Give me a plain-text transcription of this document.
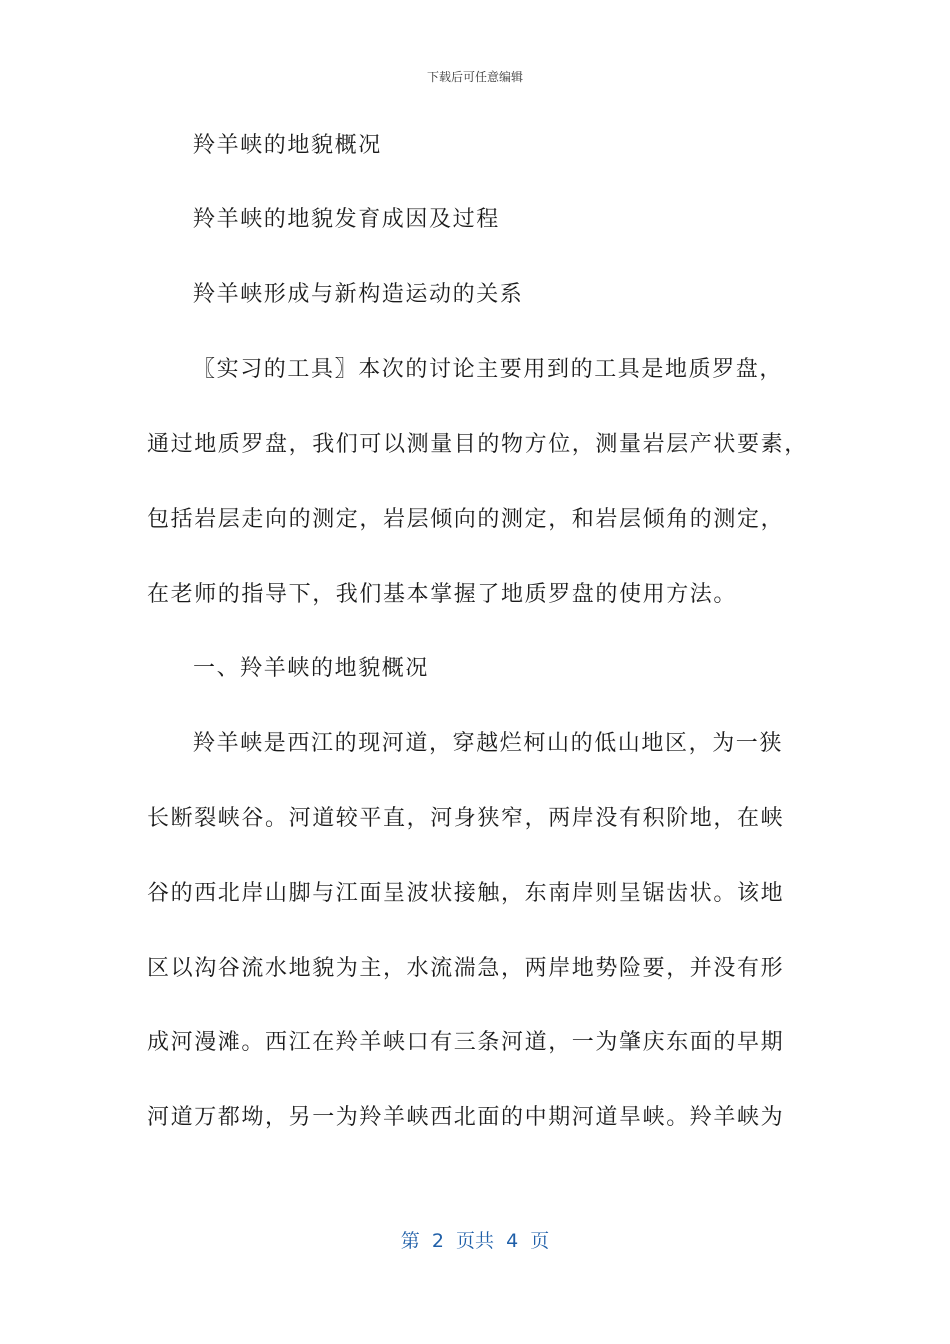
下载后可任意编辑
羚羊峡的地貌概况
羚羊峡的地貌发育成因及过程
羚羊峡形成与新构造运动的关系
〖实习的工具〗本次的讨论主要用到的工具是地质罗盘，
通过地质罗盘，我们可以测量目的物方位，测量岩层产状要素，
包括岩层走向的测定，岩层倾向的测定，和岩层倾角的测定，
在老师的指导下，我们基本掌握了地质罗盘的使用方法。
一、羚羊峡的地貌概况
羚羊峡是西江的现河道，穿越烂柯山的低山地区，为一狭
长断裂峡谷。河道较平直，河身狭窄，两岸没有积阶地，在峡
谷的西北岸山脚与江面呈波状接触，东南岸则呈锯齿状。该地
区以沟谷流水地貌为主，水流湍急，两岸地势险要，并没有形
成河漫滩。西江在羚羊峡口有三条河道，一为肇庆东面的早期
河道万都坳，另一为羚羊峡西北面的中期河道旱峡。羚羊峡为
第  2  页共  4  页
